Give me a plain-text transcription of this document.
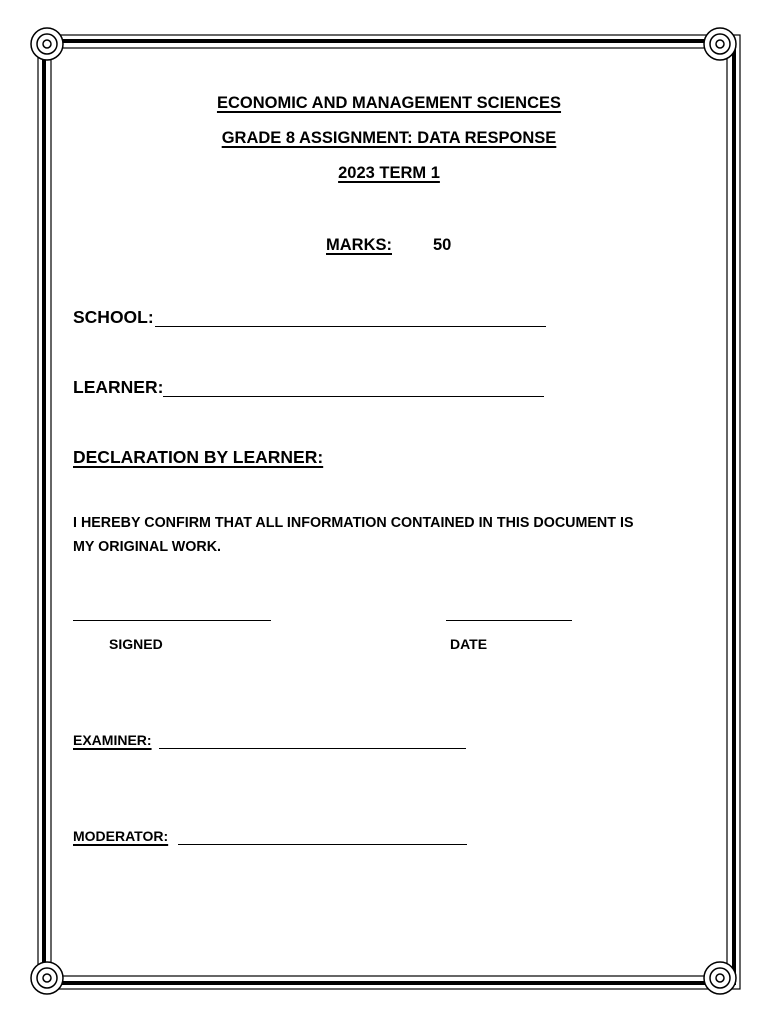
ECONOMIC AND MANAGEMENT SCIENCES
GRADE 8 ASSIGNMENT: DATA RESPONSE
2023 TERM 1
MARKS: 50
SCHOOL:
LEARNER:
DECLARATION BY LEARNER:
I HEREBY CONFIRM THAT ALL INFORMATION CONTAINED IN THIS DOCUMENT IS
MY ORIGINAL WORK.
SIGNED	DATE
EXAMINER:
MODERATOR:
